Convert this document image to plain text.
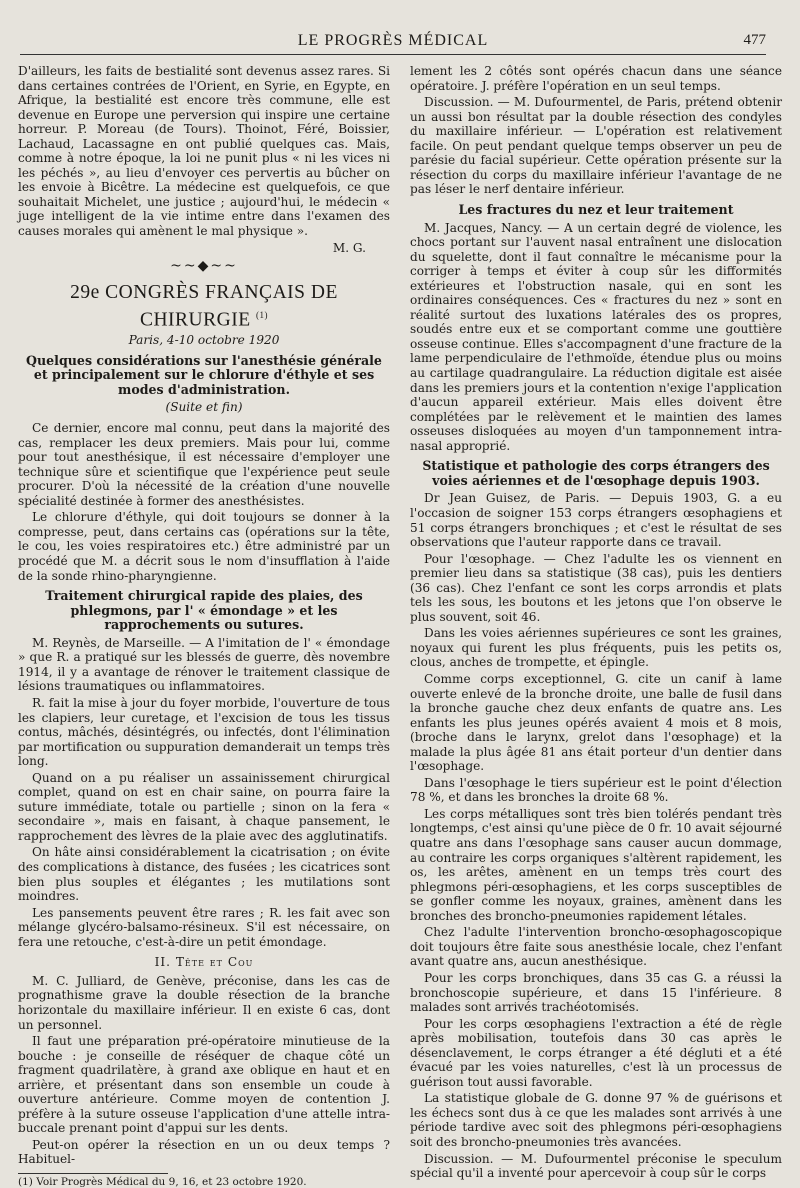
LE PROGRÈS MÉDICAL	477

D'ailleurs, les faits de bestialité sont devenus assez rares. Si dans certaines contrées de l'Orient, en Syrie, en Egypte, en Afrique, la bestialité est encore très commune, elle est devenue en Europe une perversion qui inspire une certaine horreur. P. Moreau (de Tours). Thoinot, Féré, Boissier, Lachaud, Lacassagne en ont publié quelques cas. Mais, comme à notre époque, la loi ne punit plus « ni les vices ni les péchés », au lieu d'envoyer ces pervertis au bûcher on les envoie à Bicêtre. La médecine est quelquefois, ce que souhaitait Michelet, une justice ; aujourd'hui, le médecin « juge intelligent de la vie intime entre dans l'examen des causes morales qui amènent le mal physique ».

M. G.

~~◆~~
29e CONGRÈS FRANÇAIS DE CHIRURGIE $^{(1)}$

Paris, 4-10 octobre 1920

Quelques considérations sur l'anesthésie générale et principalement sur le chlorure d'éthyle et ses modes d'administration.

(Suite et fin)

Ce dernier, encore mal connu, peut dans la majorité des cas, remplacer les deux premiers. Mais pour lui, comme pour tout anesthésique, il est nécessaire d'employer une technique sûre et scientifique que l'expérience peut seule procurer. D'où la nécessité de la création d'une nouvelle spécialité destinée à former des anesthésistes.

Le chlorure d'éthyle, qui doit toujours se donner à la compresse, peut, dans certains cas (opérations sur la tête, le cou, les voies respiratoires etc.) être administré par un procédé que M. a décrit sous le nom d'insufflation à l'aide de la sonde rhino-pharyngienne.

Traitement chirurgical rapide des plaies, des phlegmons, par l' « émondage » et les rapprochements ou sutures.

M. Reynès, de Marseille. — A l'imitation de l' « émondage » que R. a pratiqué sur les blessés de guerre, dès novembre 1914, il y a avantage de rénover le traitement classique de lésions traumatiques ou inflammatoires.

R. fait la mise à jour du foyer morbide, l'ouverture de tous les clapiers, leur curetage, et l'excision de tous les tissus contus, mâchés, désintégrés, ou infectés, dont l'élimination par mortification ou suppuration demanderait un temps très long.

Quand on a pu réaliser un assainissement chirurgical complet, quand on est en chair saine, on pourra faire la suture immédiate, totale ou partielle ; sinon on la fera « secondaire », mais en faisant, à chaque pansement, le rapprochement des lèvres de la plaie avec des agglutinatifs.

On hâte ainsi considérablement la cicatrisation ; on évite des complications à distance, des fusées ; les cicatrices sont bien plus souples et élégantes ; les mutilations sont moindres.

Les pansements peuvent être rares ; R. les fait avec son mélange glycéro-balsamo-résineux. S'il est nécessaire, on fera une retouche, c'est-à-dire un petit émondage.

II. Tête et Cou

M. C. Julliard, de Genève, préconise, dans les cas de prognathisme grave la double résection de la branche horizontale du maxillaire inférieur. Il en existe 6 cas, dont un personnel.

Il faut une préparation pré-opératoire minutieuse de la bouche : je conseille de réséquer de chaque côté un fragment quadrilatère, à grand axe oblique en haut et en arrière, et présentant dans son ensemble un coude à ouverture antérieure. Comme moyen de contention J. préfère à la suture osseuse l'application d'une attelle intra-buccale prenant point d'appui sur les dents.

Peut-on opérer la résection en un ou deux temps ? Habituel-

(1) Voir Progrès Médical du 9, 16, et 23 octobre 1920.

lement les 2 côtés sont opérés chacun dans une séance opératoire. J. préfère l'opération en un seul temps.

Discussion. — M. Dufourmentel, de Paris, prétend obtenir un aussi bon résultat par la double résection des condyles du maxillaire inférieur. — L'opération est relativement facile. On peut pendant quelque temps observer un peu de parésie du facial supérieur. Cette opération présente sur la résection du corps du maxillaire inférieur l'avantage de ne pas léser le nerf dentaire inférieur.

Les fractures du nez et leur traitement

M. Jacques, Nancy. — A un certain degré de violence, les chocs portant sur l'auvent nasal entraînent une dislocation du squelette, dont il faut connaître le mécanisme pour la corriger à temps et éviter à coup sûr les difformités extérieures et l'obstruction nasale, qui en sont les ordinaires conséquences. Ces « fractures du nez » sont en réalité surtout des luxations latérales des os propres, soudés entre eux et se comportant comme une gouttière osseuse continue. Elles s'accompagnent d'une fracture de la lame perpendiculaire de l'ethmoïde, étendue plus ou moins au cartilage quadrangulaire. La réduction digitale est aisée dans les premiers jours et la contention n'exige l'application d'aucun appareil extérieur. Mais elles doivent être complétées par le relèvement et le maintien des lames osseuses disloquées au moyen d'un tamponnement intra-nasal approprié.

Statistique et pathologie des corps étrangers des voies aériennes et de l'œsophage depuis 1903.

Dr Jean Guisez, de Paris. — Depuis 1903, G. a eu l'occasion de soigner 153 corps étrangers œsophagiens et 51 corps étrangers bronchiques ; et c'est le résultat de ses observations que l'auteur rapporte dans ce travail.

Pour l'œsophage. — Chez l'adulte les os viennent en premier lieu dans sa statistique (38 cas), puis les dentiers (36 cas). Chez l'enfant ce sont les corps arrondis et plats tels les sous, les boutons et les jetons que l'on observe le plus souvent, soit 46.

Dans les voies aériennes supérieures ce sont les graines, noyaux qui furent les plus fréquents, puis les petits os, clous, anches de trompette, et épingle.

Comme corps exceptionnel, G. cite un canif à lame ouverte enlevé de la bronche droite, une balle de fusil dans la bronche gauche chez deux enfants de quatre ans. Les enfants les plus jeunes opérés avaient 4 mois et 8 mois, (broche dans le larynx, grelot dans l'œsophage) et la malade la plus âgée 81 ans était porteur d'un dentier dans l'œsophage.

Dans l'œsophage le tiers supérieur est le point d'élection 78 %, et dans les bronches la droite 68 %.

Les corps métalliques sont très bien tolérés pendant très longtemps, c'est ainsi qu'une pièce de 0 fr. 10 avait séjourné quatre ans dans l'œsophage sans causer aucun dommage, au contraire les corps organiques s'altèrent rapidement, les os, les arêtes, amènent en un temps très court des phlegmons péri-œsophagiens, et les corps susceptibles de se gonfler comme les noyaux, graines, amènent dans les bronches des broncho-pneumonies rapidement létales.

Chez l'adulte l'intervention broncho-œsophagoscopique doit toujours être faite sous anesthésie locale, chez l'enfant avant quatre ans, aucun anesthésique.

Pour les corps bronchiques, dans 35 cas G. a réussi la bronchoscopie supérieure, et dans 15 l'inférieure. 8 malades sont arrivés trachéotomisés.

Pour les corps œsophagiens l'extraction a été de règle après mobilisation, toutefois dans 30 cas après le désenclavement, le corps étranger a été dégluti et a été évacué par les voies naturelles, c'est là un processus de guérison tout aussi favorable.

La statistique globale de G. donne 97 % de guérisons et les échecs sont dus à ce que les malades sont arrivés à une période tardive avec soit des phlegmons péri-œsophagiens soit des broncho-pneumonies très avancées.

Discussion. — M. Dufourmentel préconise le speculum spécial qu'il a inventé pour apercevoir à coup sûr le corps
